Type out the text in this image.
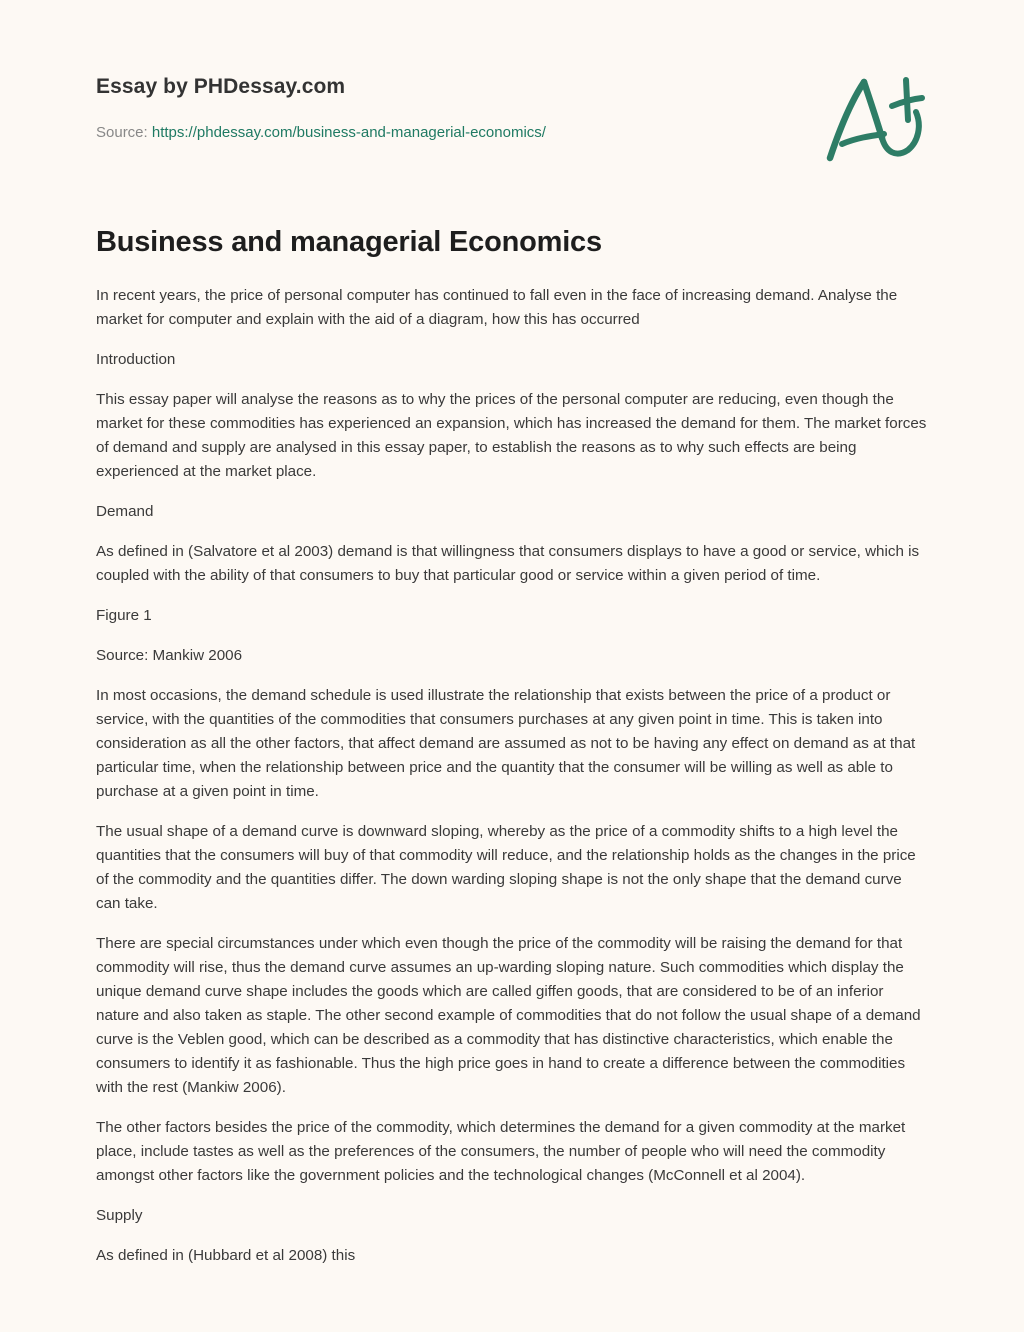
Essay by PHDessay.com
Source: https://phdessay.com/business-and-managerial-economics/
Business and managerial Economics

In recent years, the price of personal computer has continued to fall even in the face of increasing demand. Analyse the market for computer and explain with the aid of a diagram, how this has occurred

Introduction

This essay paper will analyse the reasons as to why the prices of the personal computer are reducing, even though the market for these commodities has experienced an expansion, which has increased the demand for them. The market forces of demand and supply are analysed in this essay paper, to establish the reasons as to why such effects are being experienced at the market place.

Demand

As defined in (Salvatore et al 2003) demand is that willingness that consumers displays to have a good or service, which is coupled with the ability of that consumers to buy that particular good or service within a given period of time.

Figure 1

Source: Mankiw 2006

In most occasions, the demand schedule is used illustrate the relationship that exists between the price of a product or service, with the quantities of the commodities that consumers purchases at any given point in time. This is taken into consideration as all the other factors, that affect demand are assumed as not to be having any effect on demand as at that particular time, when the relationship between price and the quantity that the consumer will be willing as well as able to purchase at a given point in time.

The usual shape of a demand curve is downward sloping, whereby as the price of a commodity shifts to a high level the quantities that the consumers will buy of that commodity will reduce, and the relationship holds as the changes in the price of the commodity and the quantities differ. The down warding sloping shape is not the only shape that the demand curve can take.

There are special circumstances under which even though the price of the commodity will be raising the demand for that commodity will rise, thus the demand curve assumes an up-warding sloping nature. Such commodities which display the unique demand curve shape includes the goods which are called giffen goods, that are considered to be of an inferior nature and also taken as staple. The other second example of commodities that do not follow the usual shape of a demand curve is the Veblen good, which can be described as a commodity that has distinctive characteristics, which enable the consumers to identify it as fashionable. Thus the high price goes in hand to create a difference between the commodities with the rest (Mankiw 2006).

The other factors besides the price of the commodity, which determines the demand for a given commodity at the market place, include tastes as well as the preferences of the consumers, the number of people who will need the commodity amongst other factors like the government policies and the technological changes (McConnell et al 2004).

Supply

As defined in (Hubbard et al 2008) this
